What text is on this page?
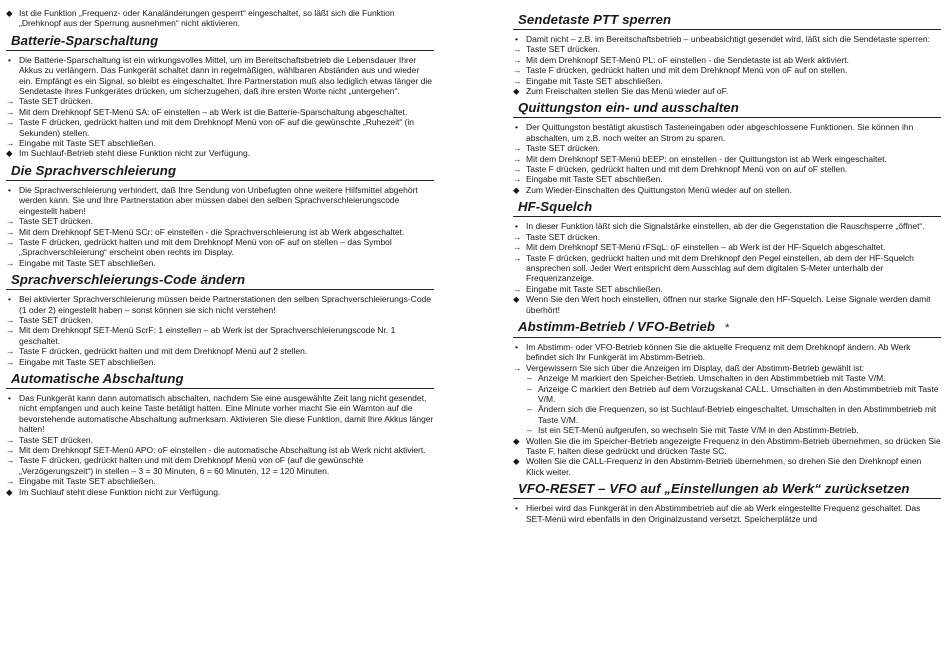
◆ Ist die Funktion „Frequenz- oder Kanaländerungen gesperrt“ eingeschaltet, so läßt sich die Funktion „Drehknopf aus der Sperrung ausnehmen“ nicht aktivieren.

Batterie-Sparschaltung

• Die Batterie-Sparschaltung ist ein wirkungsvolles Mittel, um im Bereitschaftsbetrieb die Lebensdauer Ihrer Akkus zu verlängern. Das Funkgerät schaltet dann in regelmäßigen, wählbaren Abständen aus und wieder ein. Empfängt es ein Signal, so bleibt es eingeschaltet. Ihre Partnerstation muß also lediglich etwas länger die Sendetaste ihres Funkgerätes drücken, um sicherzugehen, daß ihre ersten Worte nicht „untergehen“.

→ Taste SET drücken.

→ Mit dem Drehknopf SET-Menü SA: oF einstellen – ab Werk ist die Batterie-Sparschaltung abgeschaltet.

→ Taste F drücken, gedrückt halten und mit dem Drehknopf Menü von oF auf die gewünschte „Ruhezeit“ (in Sekunden) stellen.

→ Eingabe mit Taste SET abschließen.

◆ Im Suchlauf-Betrieb steht diese Funktion nicht zur Verfügung.

Die Sprachverschleierung

• Die Sprachverschleierung verhindert, daß Ihre Sendung von Unbefugten ohne weitere Hilfsmittel abgehört werden kann. Sie und Ihre Partnerstation aber müssen dabei den selben Sprachverschleierungscode eingestellt haben!

→ Taste SET drücken.

→ Mit dem Drehknopf SET-Menü SCr: oF einstellen - die Sprachverschleierung ist ab Werk abgeschaltet.

→ Taste F drücken, gedrückt halten und mit dem Drehknopf Menü von oF auf on stellen – das Symbol „Sprachverschleierung“ erscheint oben rechts im Display.

→ Eingabe mit Taste SET abschließen.

Sprachverschleierungs-Code ändern

• Bei aktivierter Sprachverschleierung müssen beide Partnerstationen den selben Sprachverschleierungs-Code (1 oder 2) eingestellt haben – sonst können sie sich nicht verstehen!

→ Taste SET drücken.

→ Mit dem Drehknopf SET-Menü ScrF: 1 einstellen – ab Werk ist der Sprachverschleierungscode Nr. 1 geschaltet.

→ Taste F drücken, gedrückt halten und mit dem Drehknopf Menü auf 2 stellen.

→ Eingabe mit Taste SET abschließen.

Automatische Abschaltung

• Das Funkgerät kann dann automatisch abschalten, nachdem Sie eine ausgewählte Zeit lang nicht gesendet, nicht empfangen und auch keine Taste betätigt hatten. Eine Minute vorher macht Sie ein Warnton auf die bevorstehende automatische Abschaltung aufmerksam. Aktivieren Sie diese Funktion, damit Ihre Akkus länger halten!

→ Taste SET drücken.

→ Mit dem Drehknopf SET-Menü APO: oF einstellen - die automatische Abschaltung ist ab Werk nicht aktiviert.

→ Taste F drücken, gedrückt halten und mit dem Drehknopf Menü von oF (auf die gewünschte „Verzögerungszeit“) in stellen – 3 = 30 Minuten, 6 = 60 Minuten, 12 = 120 Minuten.

→ Eingabe mit Taste SET abschließen.

◆ Im Suchlauf steht diese Funktion nicht zur Verfügung.

Sendetaste PTT sperren

• Damit nicht – z.B. im Bereitschaftsbetrieb – unbeabsichtigt gesendet wird, läßt sich die Sendetaste sperren:

→ Taste SET drücken.

→ Mit dem Drehknopf SET-Menü PL: oF einstellen - die Sendetaste ist ab Werk aktiviert.

→ Taste F drücken, gedrückt halten und mit dem Drehknopf Menü von oF auf on stellen.

→ Eingabe mit Taste SET abschließen.

◆ Zum Freischalten stellen Sie das Menü wieder auf oF.

Quittungston ein- und ausschalten

• Der Quittungston bestätigt akustisch Tasteneingaben oder abgeschlossene Funktionen. Sie können ihn abschalten, um z.B. noch weiter an Strom zu sparen.

→ Taste SET drücken.

→ Mit dem Drehknopf SET-Menü bEEP: on einstellen - der Quittungston ist ab Werk eingeschaltet.

→ Taste F drücken, gedrückt halten und mit dem Drehknopf Menü von on auf oF stellen.

→ Eingabe mit Taste SET abschließen.

◆ Zum Wieder-Einschalten des Quittungston Menü wieder auf on stellen.

HF-Squelch

• In dieser Funktion läßt sich die Signalstärke einstellen, ab der die Gegenstation die Rauschsperre „öffnet“.

→ Taste SET drücken.

→ Mit dem Drehknopf SET-Menü rFSqL: oF einstellen – ab Werk ist der HF-Squelch abgeschaltet.

→ Taste F drücken, gedrückt halten und mit dem Drehknopf den Pegel einstellen, ab dem der HF-Squelch ansprechen soll. Jeder Wert entspricht dem Ausschlag auf dem digitalen S-Meter unterhalb der Frequenzanzeige.

→ Eingabe mit Taste SET abschließen.

◆ Wenn Sie den Wert hoch einstellen, öffnen nur starke Signale den HF-Squelch. Leise Signale werden damit überhört!

Abstimm-Betrieb / VFO-Betrieb *

• Im Abstimm- oder VFO-Betrieb können Sie die aktuelle Frequenz mit dem Drehknopf ändern. Ab Werk befindet sich Ihr Funkgerät im Abstimm-Betrieb.

→ Vergewissern Sie sich über die Anzeigen im Display, daß der Abstimm-Betrieb gewählt ist:

– Anzeige M markiert den Speicher-Betrieb. Umschalten in den Abstimmbetrieb mit Taste V/M.

– Anzeige C markiert den Betrieb auf dem Vorzugskanal CALL. Umschalten in den Abstimmbetrieb mit Taste V/M.

– Ändern sich die Frequenzen, so ist Suchlauf-Betrieb eingeschaltet. Umschalten in den Abstimmbetrieb mit Taste V/M.

– Ist ein SET-Menü aufgerufen, so wechseln Sie mit Taste V/M in den Abstimm-Betrieb.

◆ Wollen Sie die im Speicher-Betrieb angezeigte Frequenz in den Abstimm-Betrieb übernehmen, so drücken Sie Taste F, halten diese gedrückt und drücken Taste SC.

◆ Wollen Sie die CALL-Frequenz in den Abstimm-Betrieb übernehmen, so drehen Sie den Drehknopf einen Klick weiter.

VFO-RESET – VFO auf „Einstellungen ab Werk“ zurücksetzen

• Hierbei wird das Funkgerät in den Abstimmbetrieb auf die ab Werk eingestellte Frequenz geschaltet. Das SET-Menü wird ebenfalls in den Originalzustand versetzt. Speicherplätze und
